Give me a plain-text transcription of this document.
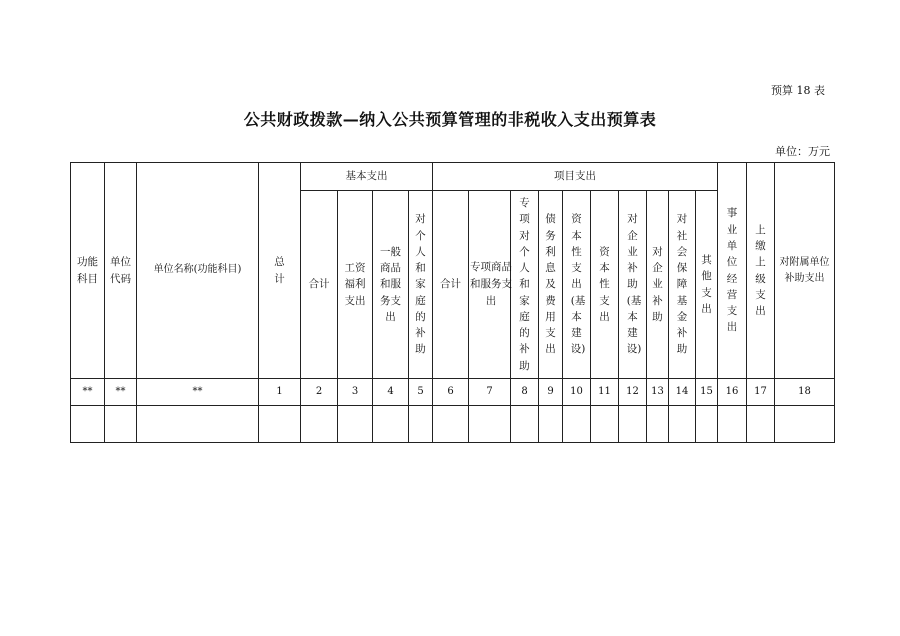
预算 18 表
公共财政拨款—纳入公共预算管理的非税收入支出预算表
单位：万元
功能科目	单位代码	单位名称(功能科目)	总计	基本支出				项目支出										事业单位经营支出	上缴上级支出	对附属单位补助支出
				合计	工资福利支出	一般商品和服务支出	对个人和家庭的补助	合计	专项商品和服务支出	专项对个人和家庭的补助	债务利息及费用支出	资本性支出(基本建设)	资本性支出	对企业补助(基本建设)	对企业补助	对社会保障基金补助	其他支出			
**	**	**	1	2	3	4	5	6	7	8	9	10	11	12	13	14	15	16	17	18
